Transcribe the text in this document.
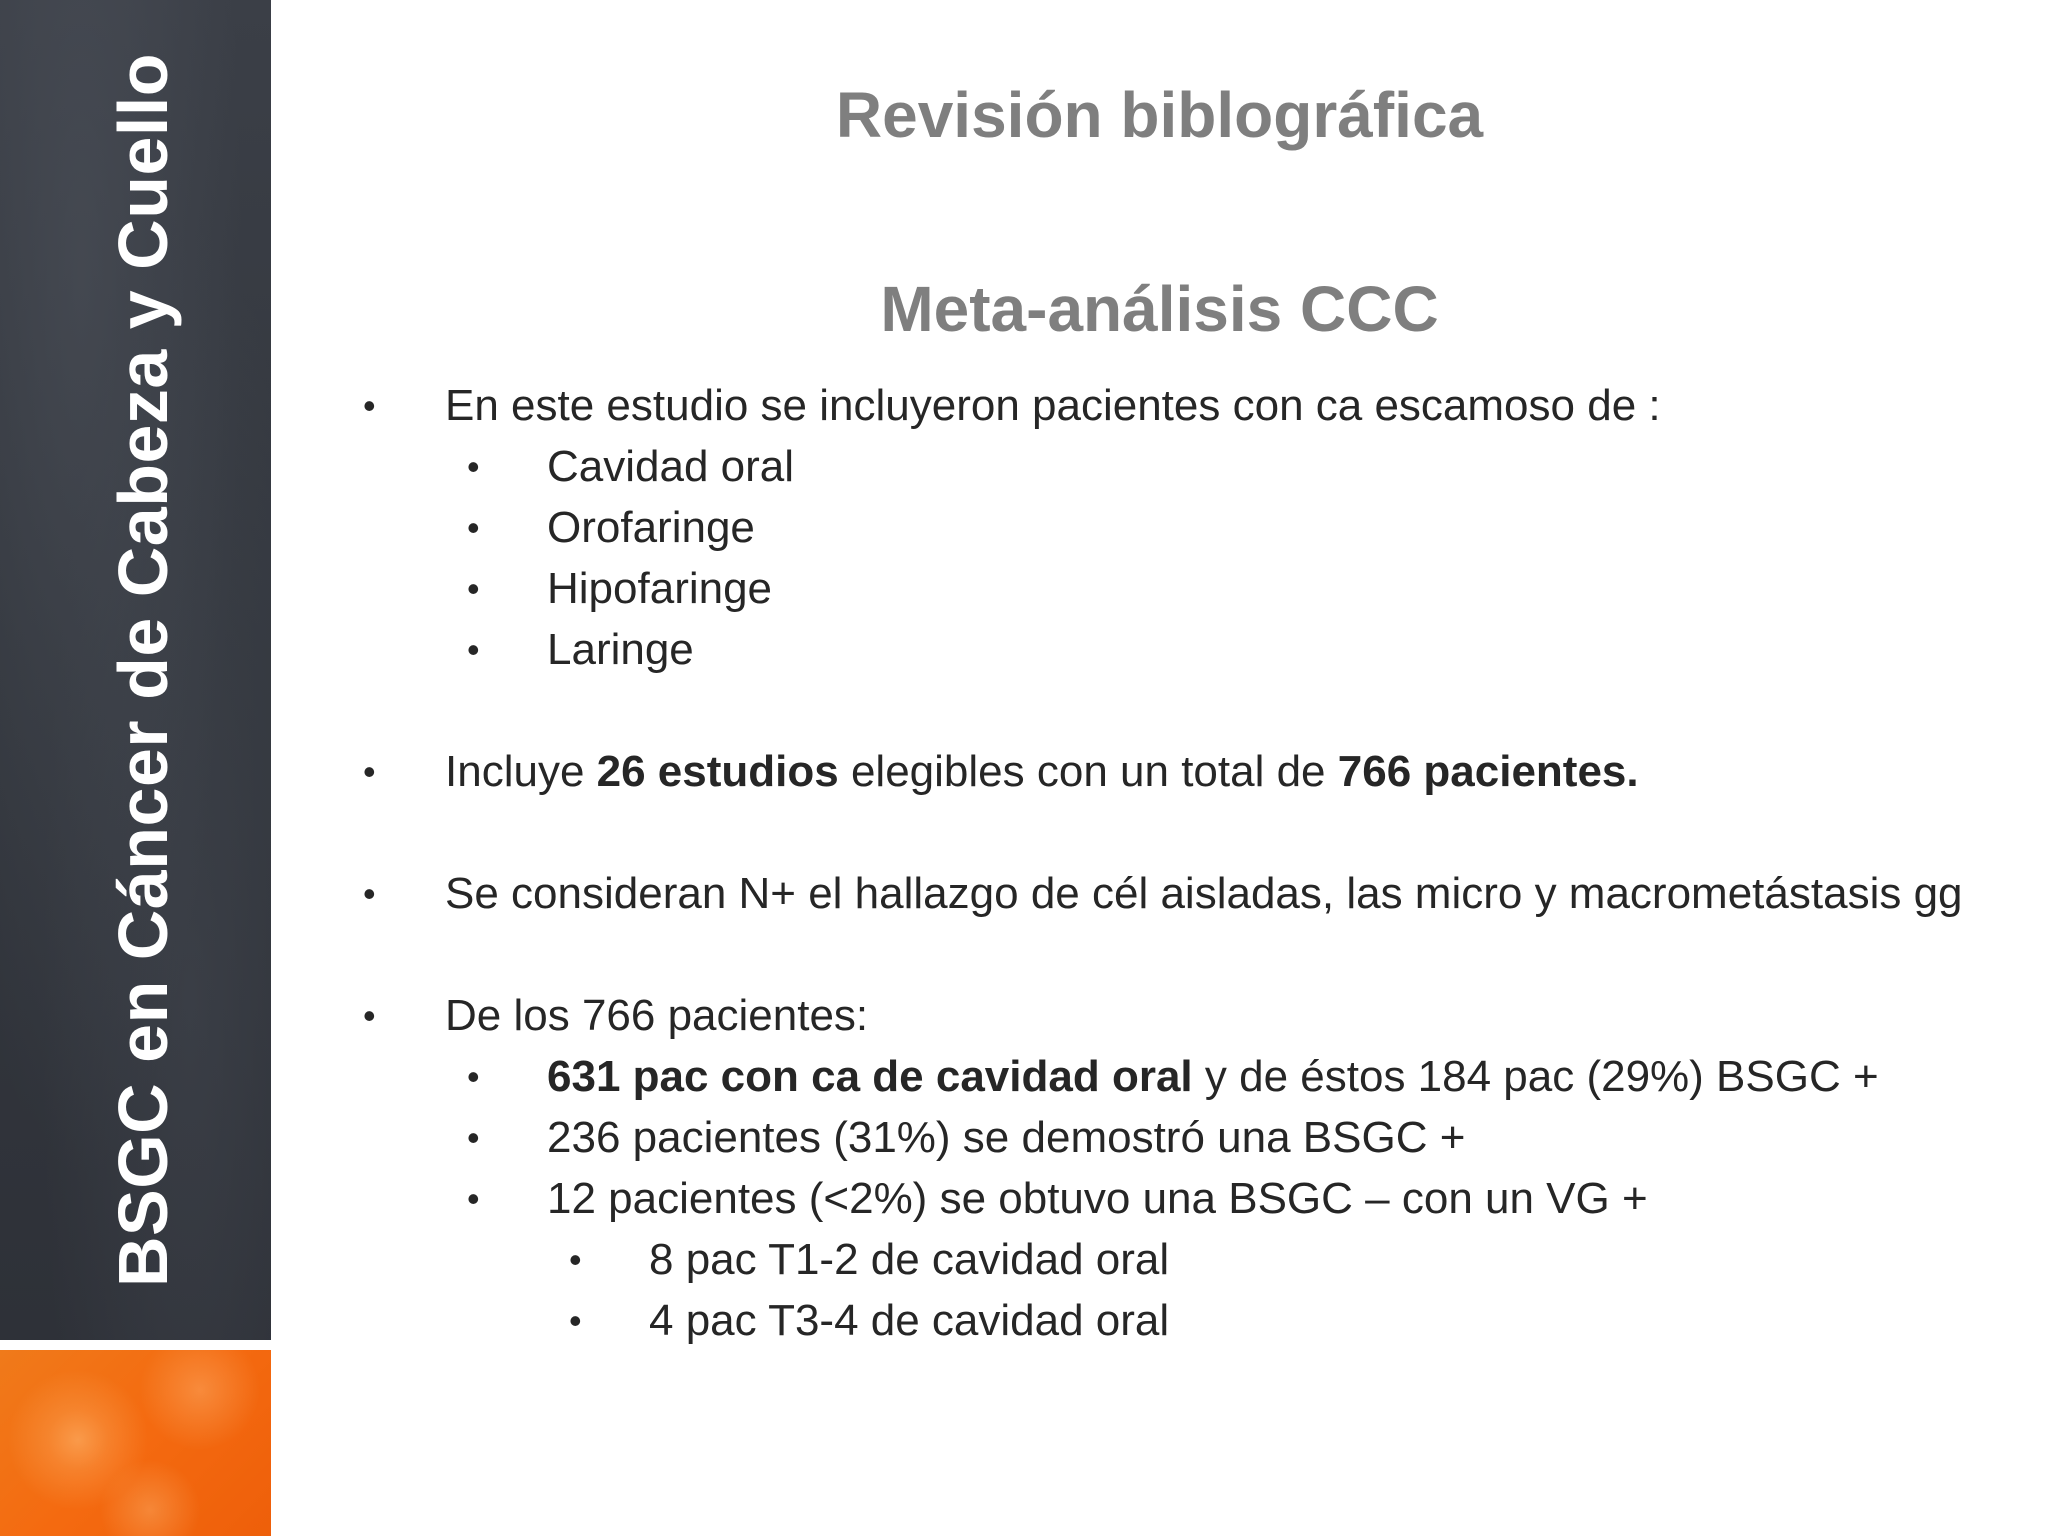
BSGC en Cáncer de Cabeza y Cuello	Revisión biblográfica
Meta-análisis CCC
• En este estudio se incluyeron pacientes con ca escamoso de :
• Cavidad oral
• Orofaringe
• Hipofaringe
• Laringe
• Incluye 26 estudios elegibles con un total de 766 pacientes.
• Se consideran N+ el hallazgo de cél aisladas, las micro y macrometástasis gg
• De los 766 pacientes:
• 631 pac con ca de cavidad oral y de éstos 184 pac (29%) BSGC +
• 236 pacientes (31%) se demostró una BSGC +
• 12 pacientes (<2%) se obtuvo una BSGC – con un VG +
• 8 pac T1-2 de cavidad oral
• 4 pac T3-4 de cavidad oral
